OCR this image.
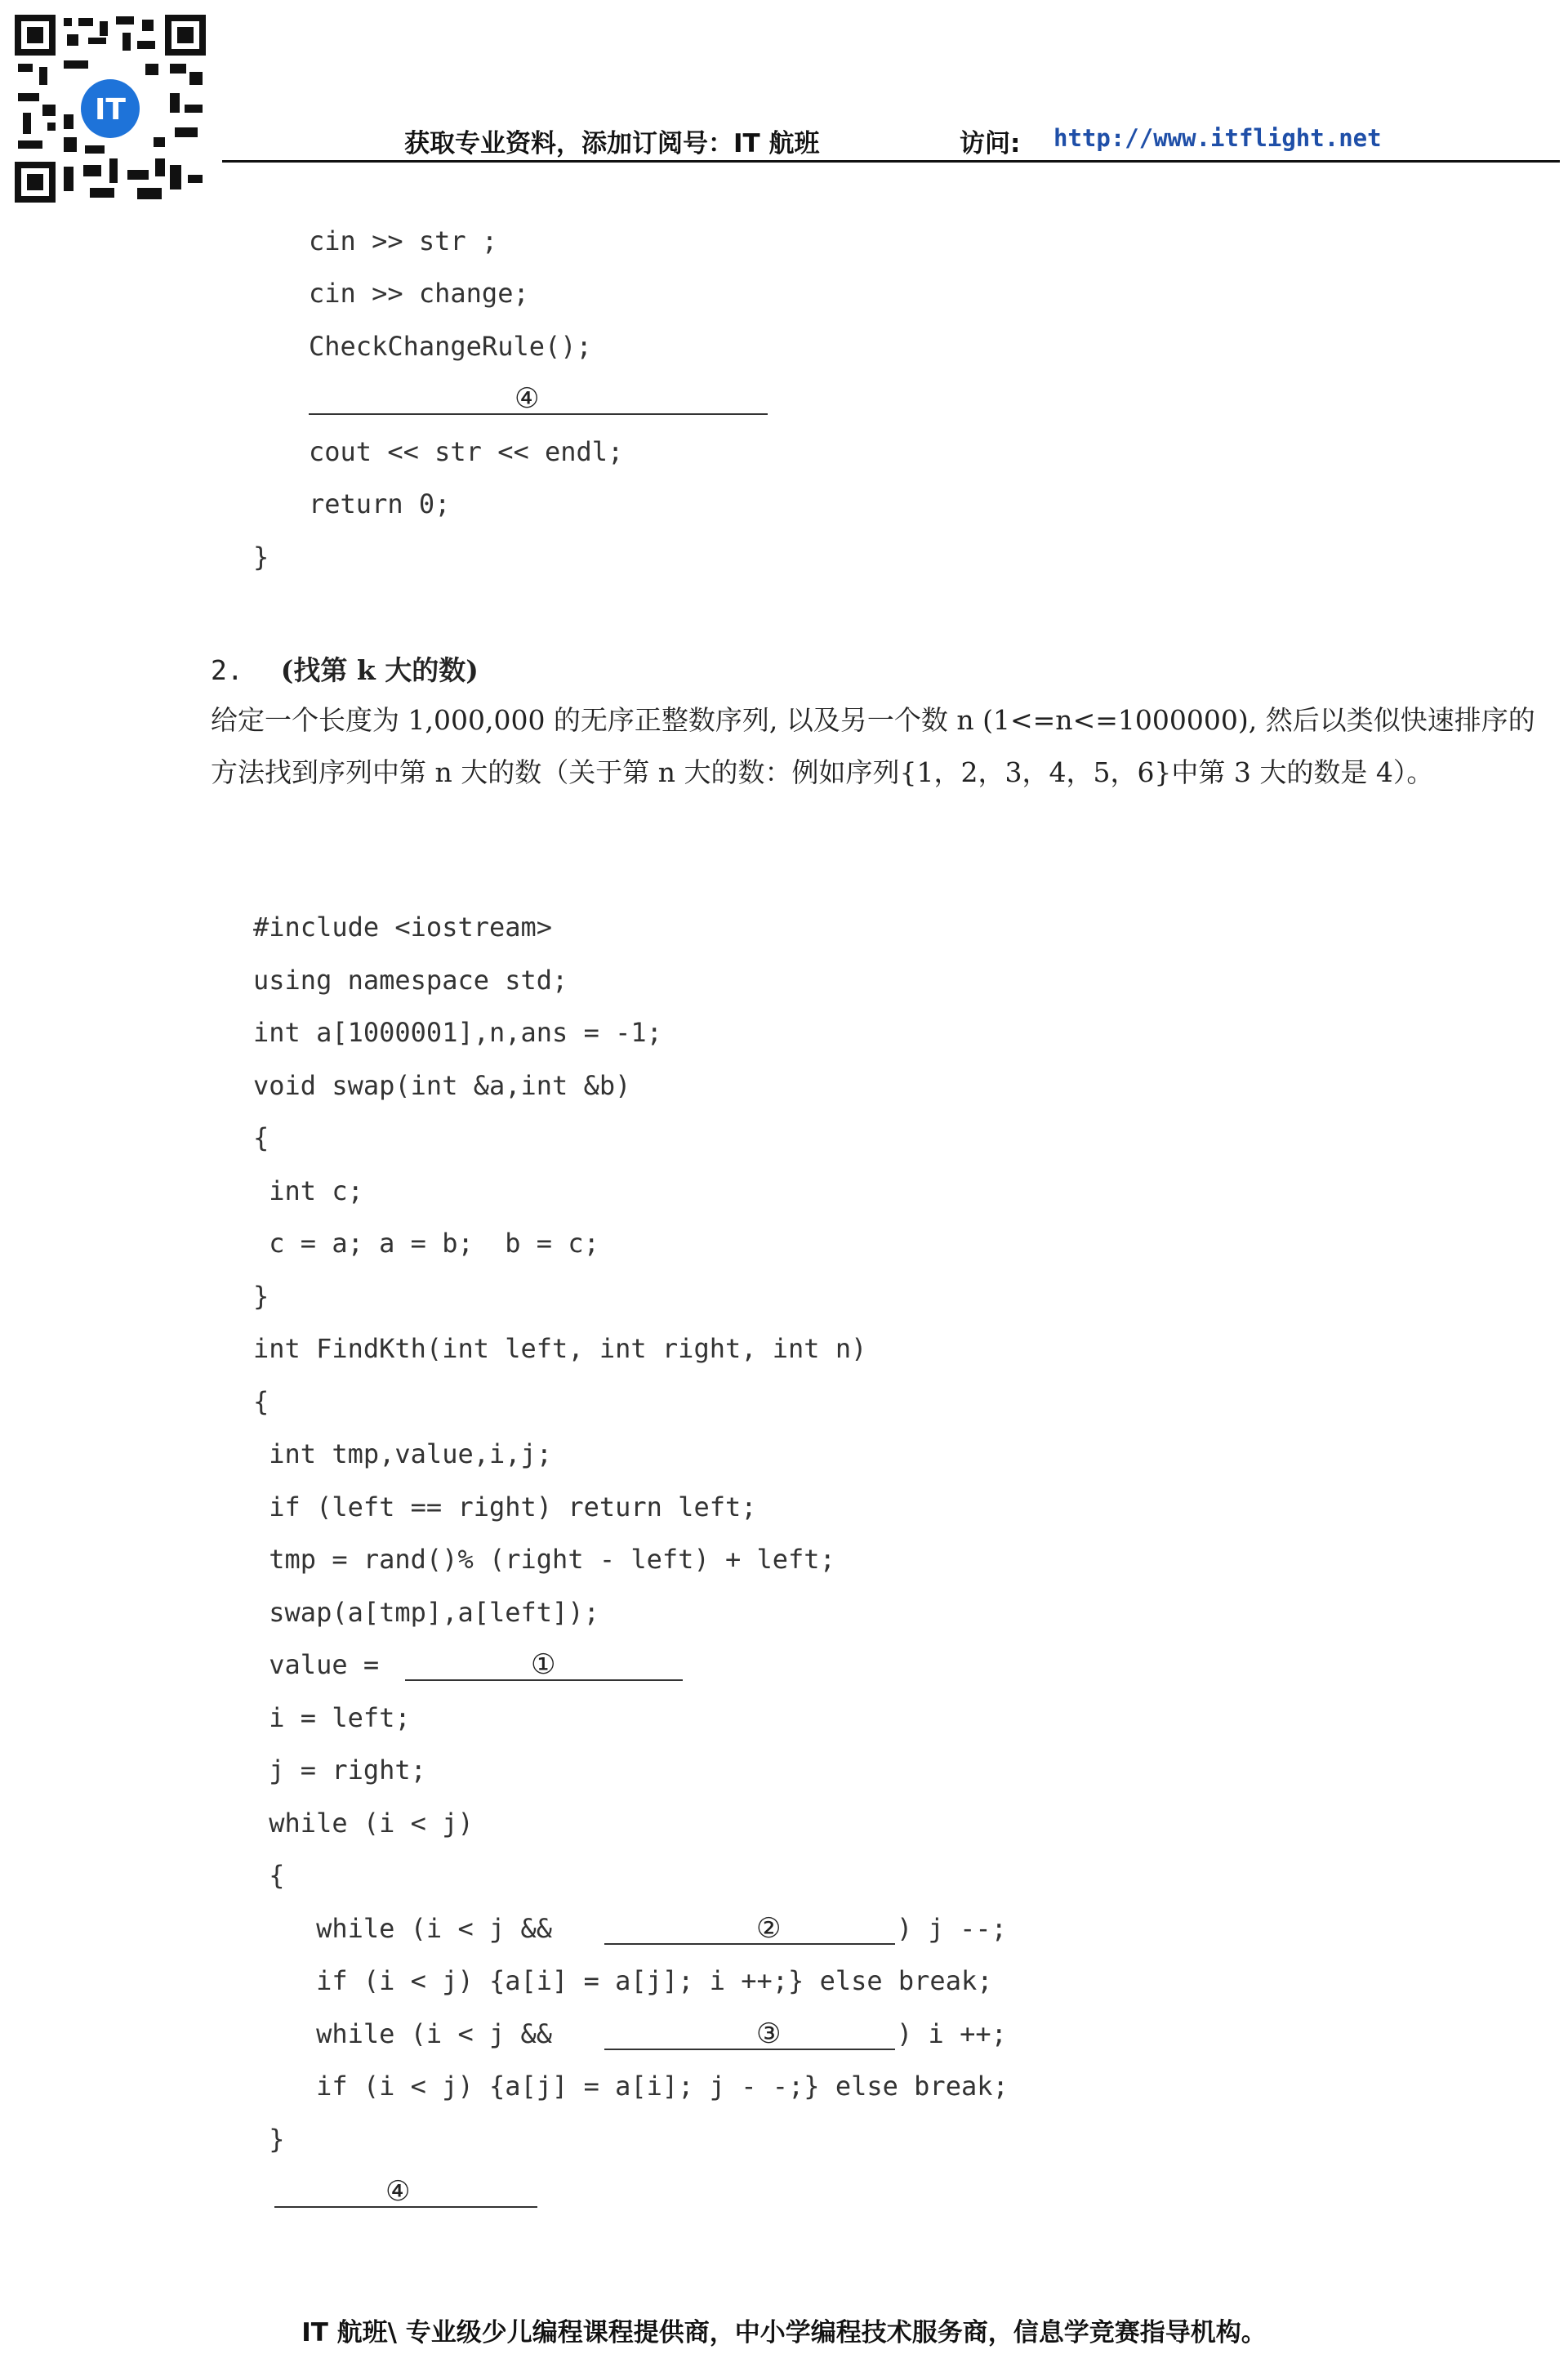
IT
获取专业资料，添加订阅号：IT 航班	访问: http://www.itflight.net
cin >> str ;
cin >> change;
CheckChangeRule();
④
cout << str << endl;
return 0;
}
2. (找第 k 大的数)
给定一个长度为 1,000,000 的无序正整数序列, 以及另一个数 n (1<=n<=1000000), 然后以类似快速排序的方法找到序列中第 n 大的数（关于第 n 大的数：例如序列{1，2，3，4，5，6}中第 3 大的数是 4）。
#include <iostream>
using namespace std;
int a[1000001],n,ans = -1;
void swap(int &a,int &b)
{
int c;
c = a; a = b;  b = c;
}
int FindKth(int left, int right, int n)
{
int tmp,value,i,j;
if (left == right) return left;
tmp = rand()% (right - left) + left;
swap(a[tmp],a[left]);
value =	①
i = left;
j = right;
while (i < j)
{
while (i < j &&	②	) j --;
if (i < j) {a[i] = a[j]; i ++;} else break;
while (i < j &&	③	) i ++;
if (i < j) {a[j] = a[i]; j - -;} else break;
}
④
IT 航班\ 专业级少儿编程课程提供商，中小学编程技术服务商，信息学竞赛指导机构。
